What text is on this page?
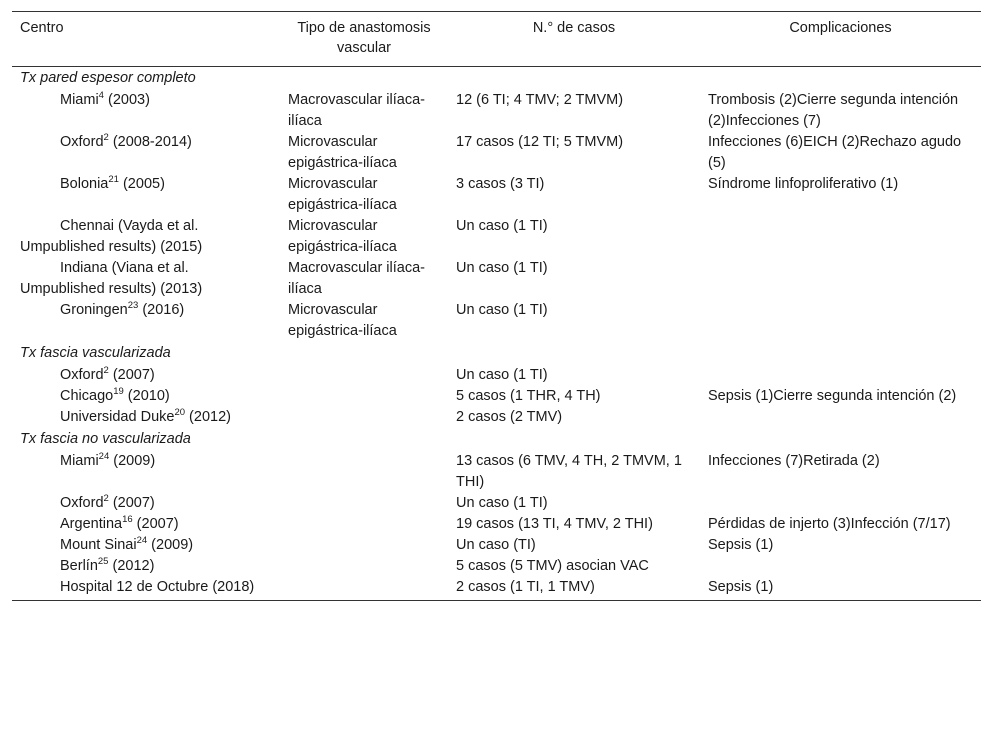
Centro	Tipo de anastomosis vascular	N.° de casos	Complicaciones
Tx pared espesor completo			
Miami$^4$ (2003)	Macrovascular ilíaca-ilíaca	12 (6 TI; 4 TMV; 2 TMVM)	Trombosis (2)Cierre segunda intención (2)Infecciones (7)
Oxford$^2$ (2008-2014)	Microvascular epigástrica-ilíaca	17 casos (12 TI; 5 TMVM)	Infecciones (6)EICH (2)Rechazo agudo (5)
Bolonia$^{21}$ (2005)	Microvascular epigástrica-ilíaca	3 casos (3 TI)	Síndrome linfoproliferativo (1)
Chennai (Vayda et al. Umpublished results) (2015)	Microvascular epigástrica-ilíaca	Un caso (1 TI)	
Indiana (Viana et al. Umpublished results) (2013)	Macrovascular ilíaca-ilíaca	Un caso (1 TI)	
Groningen$^{23}$ (2016)	Microvascular epigástrica-ilíaca	Un caso (1 TI)	
Tx fascia vascularizada			
Oxford$^2$ (2007)		Un caso (1 TI)	
Chicago$^{19}$ (2010)		5 casos (1 THR, 4 TH)	Sepsis (1)Cierre segunda intención (2)
Universidad Duke$^{20}$ (2012)		2 casos (2 TMV)	
Tx fascia no vascularizada			
Miami$^{24}$ (2009)		13 casos (6 TMV, 4 TH, 2 TMVM, 1 THI)	Infecciones (7)Retirada (2)
Oxford$^2$ (2007)		Un caso (1 TI)	
Argentina$^{16}$ (2007)		19 casos (13 TI, 4 TMV, 2 THI)	Pérdidas de injerto (3)Infección (7/17)
Mount Sinai$^{24}$ (2009)		Un caso (TI)	Sepsis (1)
Berlín$^{25}$ (2012)		5 casos (5 TMV) asocian VAC	
Hospital 12 de Octubre (2018)		2 casos (1 TI, 1 TMV)	Sepsis (1)
